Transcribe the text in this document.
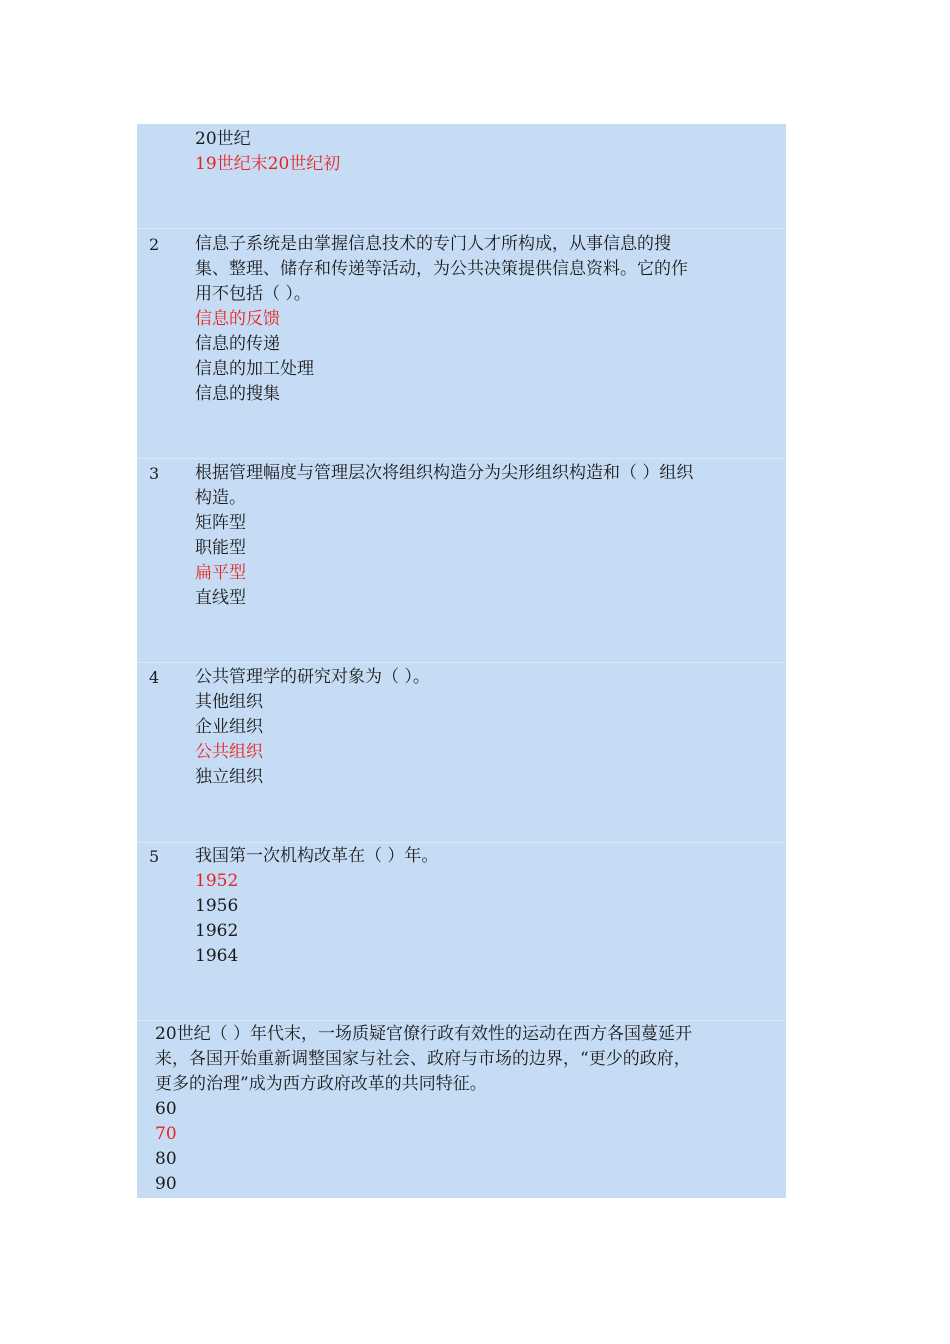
20世纪
19世纪末20世纪初
2 信息子系统是由掌握信息技术的专门人才所构成，从事信息的搜
集、整理、储存和传递等活动，为公共决策提供信息资料。它的作
用不包括（ ）。
信息的反馈
信息的传递
信息的加工处理
信息的搜集
3 根据管理幅度与管理层次将组织构造分为尖形组织构造和（ ）组织
构造。
矩阵型
职能型
扁平型
直线型
4 公共管理学的研究对象为（ ）。
其他组织
企业组织
公共组织
独立组织
5 我国第一次机构改革在（ ）年。
1952
1956
1962
1964
20世纪（ ）年代末，一场质疑官僚行政有效性的运动在西方各国蔓延开
来，各国开始重新调整国家与社会、政府与市场的边界，“更少的政府，
更多的治理”成为西方政府改革的共同特征。
60
70
80
90
